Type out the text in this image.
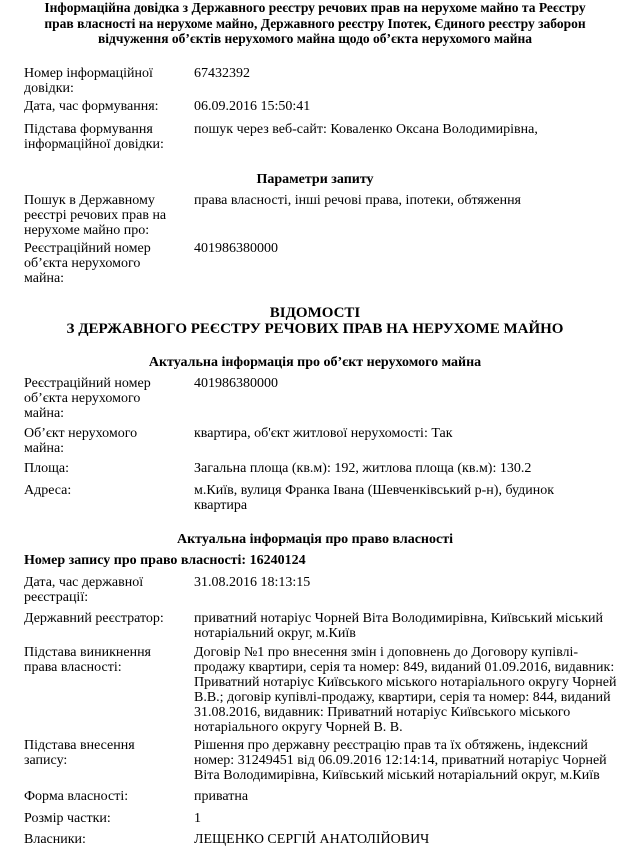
Інформаційна довідка з Державного реєстру речових прав на нерухоме майно та Реєстру
прав власності на нерухоме майно, Державного реєстру Іпотек, Єдиного реєстру заборон
відчуження об’єктів нерухомого майна щодо об’єкта нерухомого майна
Номер інформаційної довідки:
67432392
Дата, час формування:	06.09.2016 15:50:41
Підстава формування інформаційної довідки:
пошук через веб-сайт: Коваленко Оксана Володимирівна,
Параметри запиту
Пошук в Державному реєстрі речових прав на нерухоме майно про:
права власності, інші речові права, іпотеки, обтяження
Реєстраційний номер об’єкта нерухомого майна:
401986380000
ВІДОМОСТІ
З ДЕРЖАВНОГО РЕЄСТРУ РЕЧОВИХ ПРАВ НА НЕРУХОМЕ МАЙНО
Актуальна інформація про об’єкт нерухомого майна
Реєстраційний номер об’єкта нерухомого майна:
401986380000
Об’єкт нерухомого майна:
квартира, об'єкт житлової нерухомості: Так
Площа:	Загальна площа (кв.м): 192, житлова площа (кв.м): 130.2
Адреса:	м.Київ, вулиця Франка Івана (Шевченківський р-н), будинок квартира
Актуальна інформація про право власності
Номер запису про право власності: 16240124
Дата, час державної реєстрації:
31.08.2016 18:13:15
Державний реєстратор:	приватний нотаріус Чорней Віта Володимирівна, Київський міський нотаріальний округ, м.Київ
Підстава виникнення права власності:
Договір №1 про внесення змін і доповнень до Договору купівлі-продажу квартири, серія та номер: 849, виданий 01.09.2016, видавник: Приватний нотаріус Київського міського нотаріального округу Чорней В.В.; договір купівлі-продажу, квартири, серія та номер: 844, виданий 31.08.2016, видавник: Приватний нотаріус Київського міського нотаріального округу Чорней В. В.
Підстава внесення запису:
Рішення про державну реєстрацію прав та їх обтяжень, індексний номер: 31249451 від 06.09.2016 12:14:14, приватний нотаріус Чорней Віта Володимирівна, Київський міський нотаріальний округ, м.Київ
Форма власності:	приватна
Розмір частки:	1
Власники:	ЛЕЩЕНКО СЕРГІЙ АНАТОЛІЙОВИЧ
